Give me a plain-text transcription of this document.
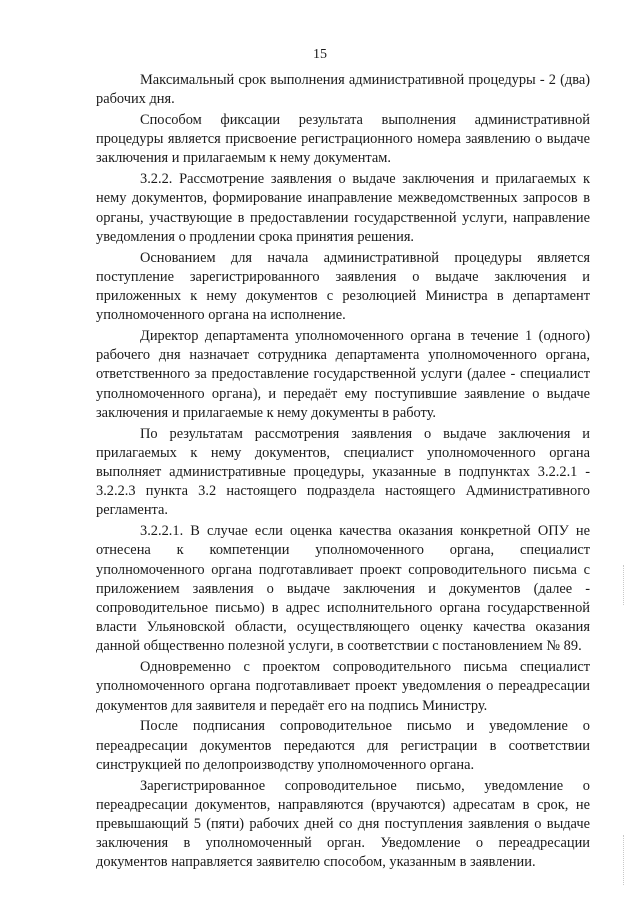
15

Максимальный срок выполнения административной процедуры - 2 (два) рабочих дня.

Способом фиксации результата выполнения административной процедуры является присвоение регистрационного номера заявлению о выдаче заключения и прилагаемым к нему документам.

3.2.2. Рассмотрение заявления о выдаче заключения и прилагаемых к нему документов, формирование инаправление межведомственных запросов в органы, участвующие в предоставлении государственной услуги, направление уведомления о продлении срока принятия решения.

Основанием для начала административной процедуры является поступление зарегистрированного заявления о выдаче заключения и приложенных к нему документов с резолюцией Министра в департамент уполномоченного органа на исполнение.

Директор департамента уполномоченного органа в течение 1 (одного) рабочего дня назначает сотрудника департамента уполномоченного органа, ответственного за предоставление государственной услуги (далее - специалист уполномоченного органа), и передаёт ему поступившие заявление о выдаче заключения и прилагаемые к нему документы в работу.

По результатам рассмотрения заявления о выдаче заключения и прилагаемых к нему документов, специалист уполномоченного органа выполняет административные процедуры, указанные в подпунктах 3.2.2.1 - 3.2.2.3 пункта 3.2 настоящего подраздела настоящего Административного регламента.

3.2.2.1. В случае если оценка качества оказания конкретной ОПУ не отнесена к компетенции уполномоченного органа, специалист уполномоченного органа подготавливает проект сопроводительного письма с приложением заявления о выдаче заключения и документов (далее - сопроводительное письмо) в адрес исполнительного органа государственной власти Ульяновской области, осуществляющего оценку качества оказания данной общественно полезной услуги, в соответствии с постановлением № 89.

Одновременно с проектом сопроводительного письма специалист уполномоченного органа подготавливает проект уведомления о переадресации документов для заявителя и передаёт его на подпись Министру.

После подписания сопроводительное письмо и уведомление о переадресации документов передаются для регистрации в соответствии синструкцией по делопроизводству уполномоченного органа.

Зарегистрированное сопроводительное письмо, уведомление о переадресации документов, направляются (вручаются) адресатам в срок, не превышающий 5 (пяти) рабочих дней со дня поступления заявления о выдаче заключения в уполномоченный орган. Уведомление о переадресации документов направляется заявителю способом, указанным в заявлении.
